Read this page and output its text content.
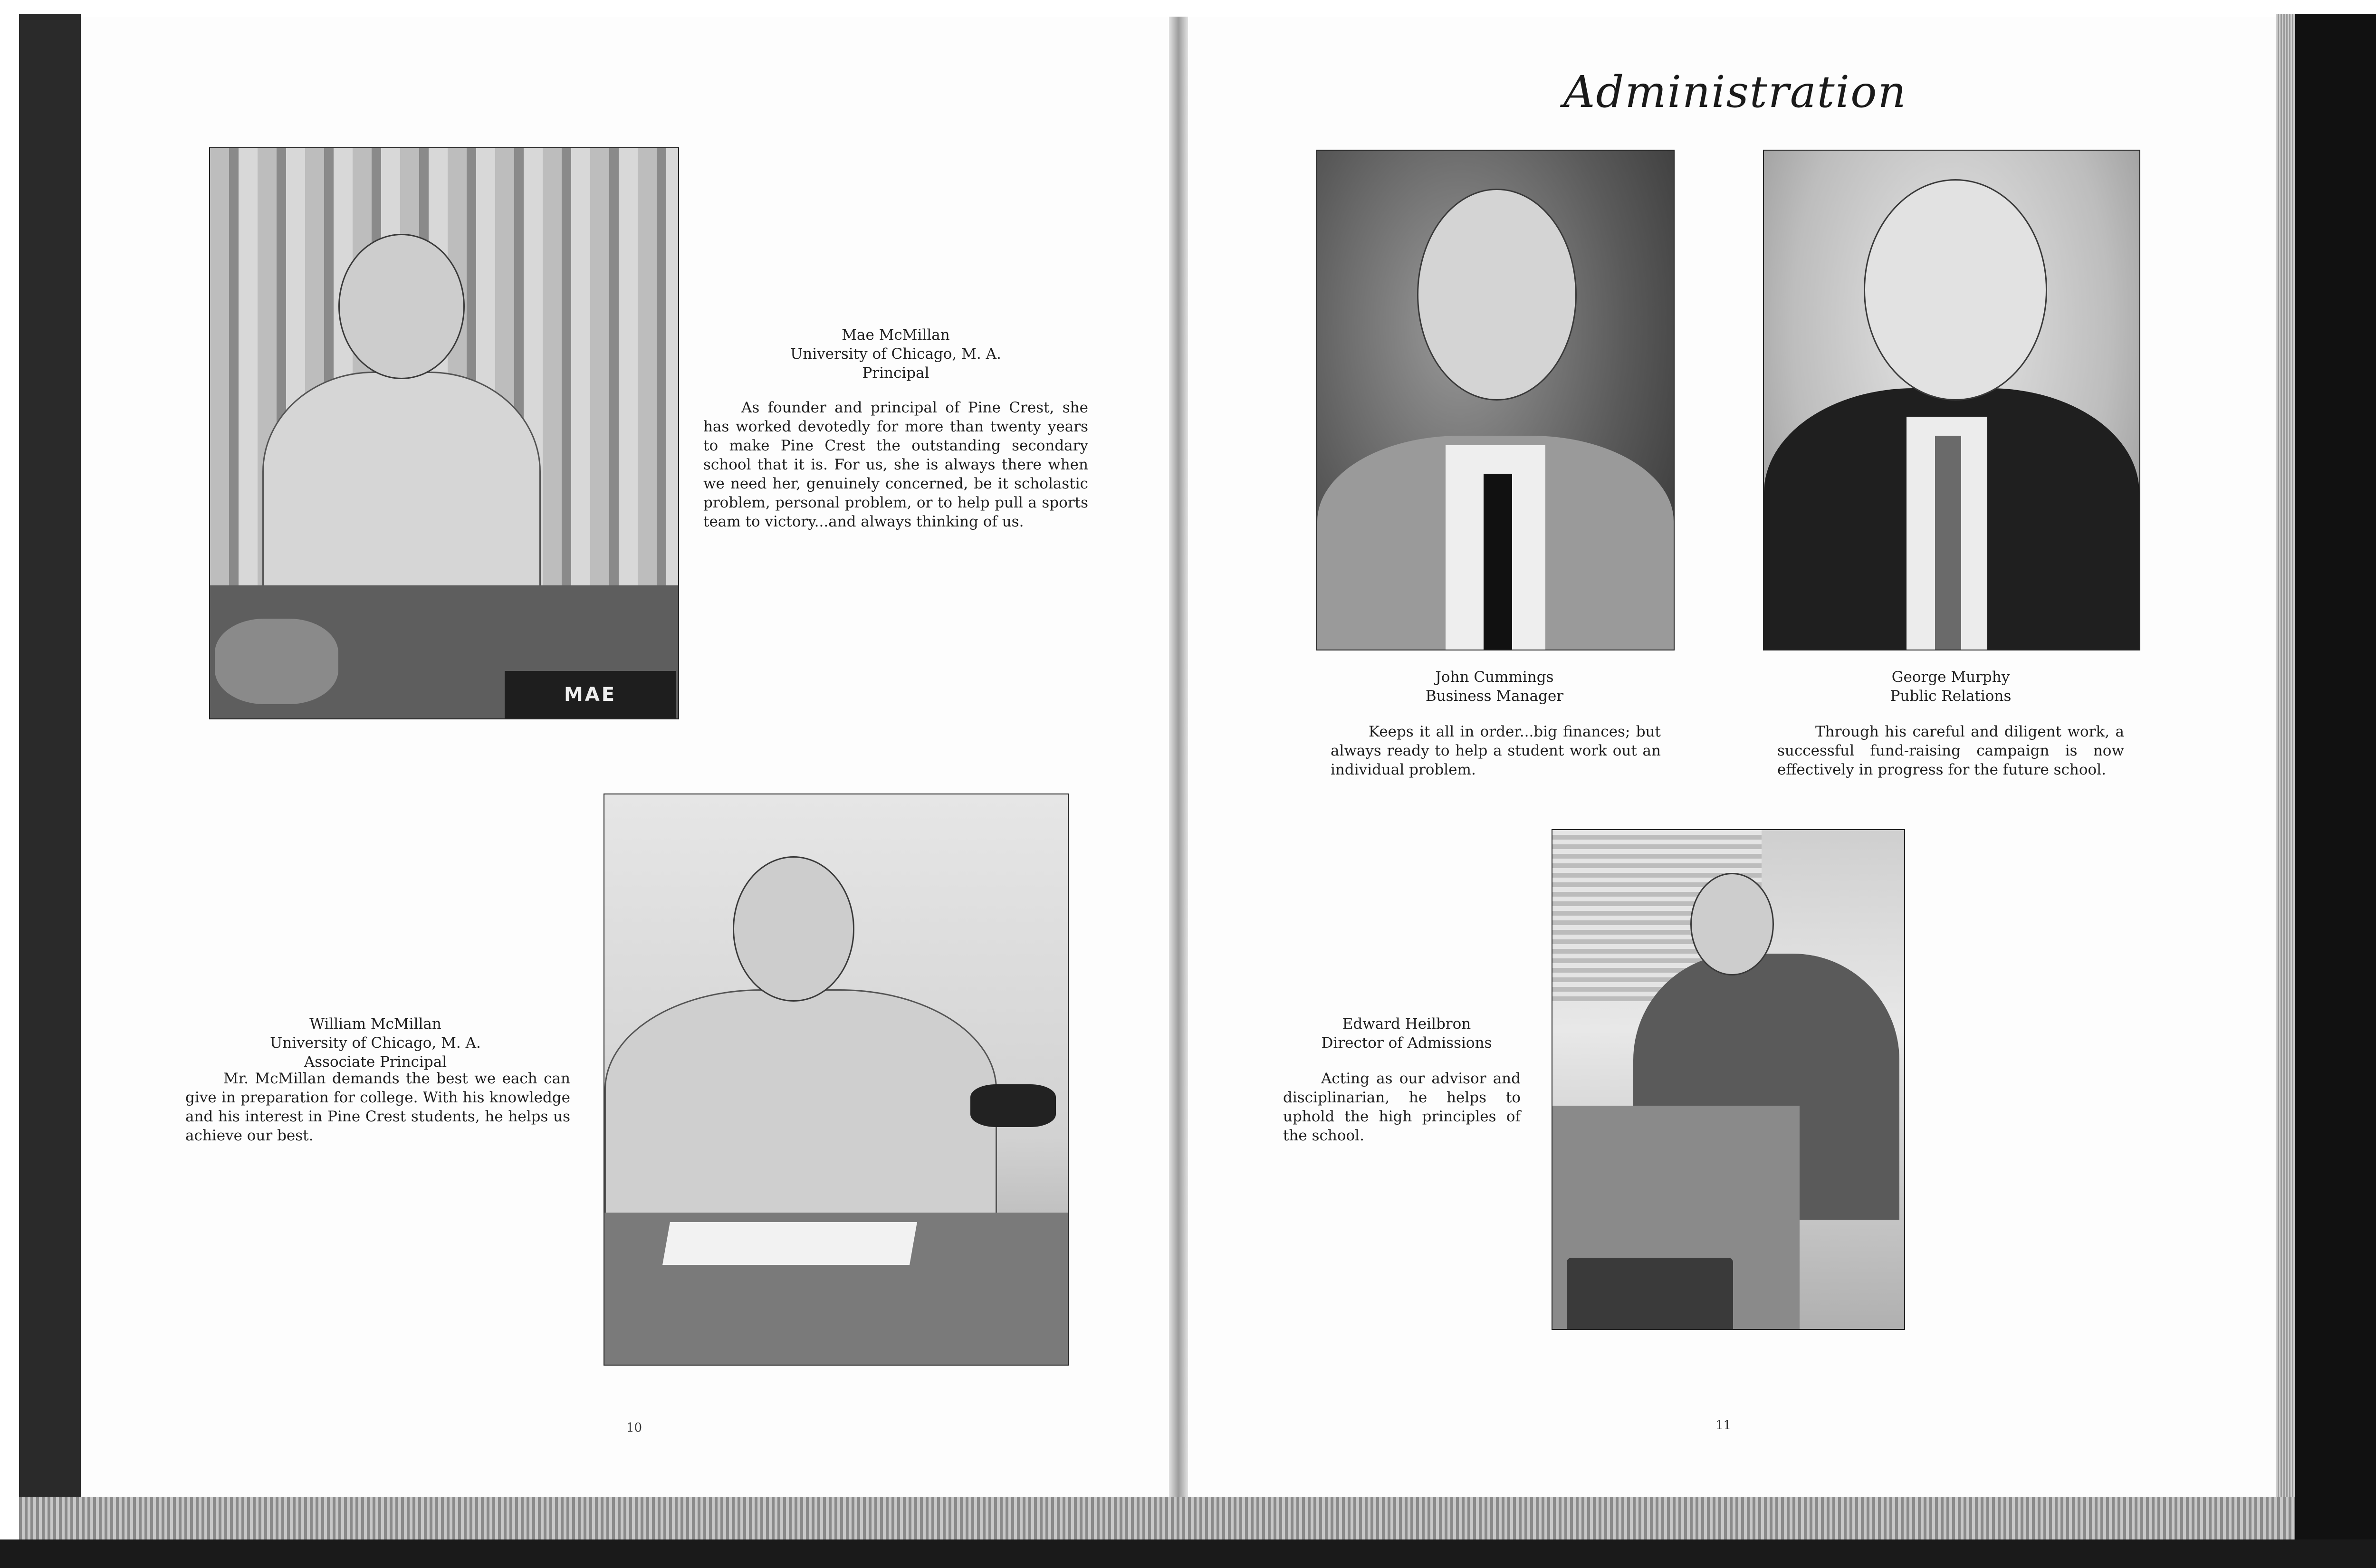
MAE
Mae McMillan
University of Chicago, M. A.
Principal
As founder and principal of Pine Crest, she has worked devotedly for more than twenty years to make Pine Crest the outstanding secondary school that it is. For us, she is always there when we need her, genuinely concerned, be it scholastic problem, personal problem, or to help pull a sports team to victory...and always thinking of us.
William McMillan
University of Chicago, M. A.
Associate Principal
Mr. McMillan demands the best we each can give in preparation for college. With his knowledge and his interest in Pine Crest students, he helps us achieve our best.
10
Administration
John Cummings
Business Manager
Keeps it all in order...big finances; but always ready to help a student work out an individual problem.
George Murphy
Public Relations
Through his careful and diligent work, a successful fund-raising campaign is now effectively in progress for the future school.
Edward Heilbron
Director of Admissions
Acting as our advisor and disciplinarian, he helps to uphold the high principles of the school.
11
